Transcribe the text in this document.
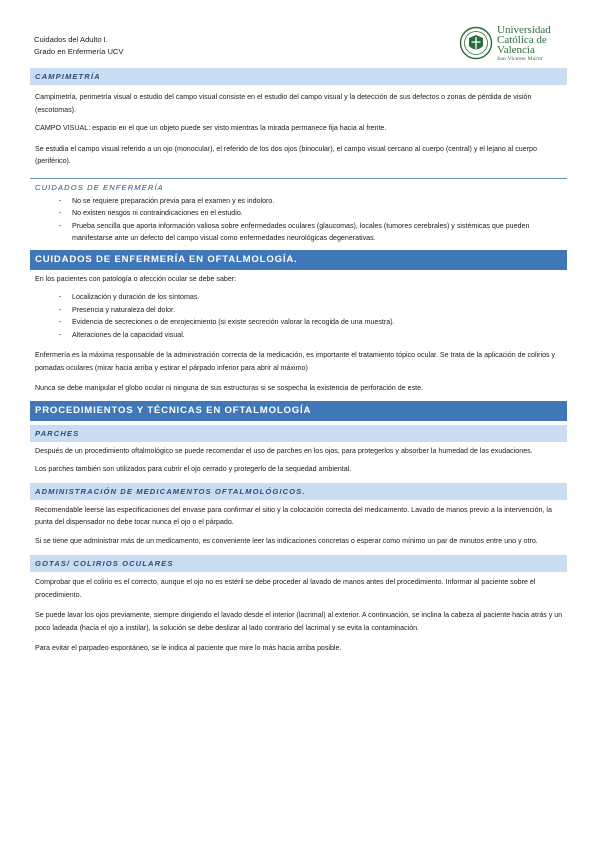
Cuidados del Adulto I.
Grado en Enfermería UCV
Universidad
Católica de
Valencia
San Vicente Mártir
CAMPIMETRÍA

Campimetría, perimetría visual o estudio del campo visual consiste en el estudio del campo visual y la detección de sus defectos o zonas de pérdida de visión (escotomas).

CAMPO VISUAL: espacio en el que un objeto puede ser visto mientras la mirada permanece fija hacia al frente.

Se estudia el campo visual referido a un ojo (monocular), el referido de los dos ojos (binocular), el campo visual cercano al cuerpo (central) y el lejano al cuerpo (periférico).

CUIDADOS DE ENFERMERÍA
- No se requiere preparación previa para el examen y es indoloro.
- No existen riesgos ni contraindicaciones en el estudio.
- Prueba sencilla que aporta información valiosa sobre enfermedades oculares (glaucomas), locales (tumores cerebrales) y sistémicas que pueden manifestarse ante un defecto del campo visual como enfermedades neurológicas degenerativas.
CUIDADOS DE ENFERMERÍA EN OFTALMOLOGÍA.

En los pacientes con patología o afección ocular se debe saber:

- Localización y duración de los síntomas.
- Presencia y naturaleza del dolor.
- Evidencia de secreciones o de enrojecimiento (si existe secreción valorar la recogida de una muestra).
- Alteraciones de la capacidad visual.

Enfermería es la máxima responsable de la administración correcta de la medicación, es importante el tratamiento tópico ocular. Se trata de la aplicación de colirios y pomadas oculares (mirar hacia arriba y estirar el párpado inferior para abrir al máximo)

Nunca se debe manipular el globo ocular ni ninguna de sus estructuras si se sospecha la existencia de perforación de este.

PROCEDIMIENTOS Y TÉCNICAS EN OFTALMOLOGÍA
PARCHES

Después de un procedimiento oftalmológico se puede recomendar el uso de parches en los ojos, para protegerlos y absorber la humedad de las exudaciones.

Los parches también son utilizados para cubrir el ojo cerrado y protegerlo de la sequedad ambiental.

ADMINISTRACIÓN DE MEDICAMENTOS OFTALMOLÓGICOS.

Recomendable leerse las especificaciones del envase para confirmar el sitio y la colocación correcta del medicamento. Lavado de manos previo a la intervención, la punta del dispensador no debe tocar nunca el ojo o el párpado.

Si se tiene que administrar más de un medicamento, es conveniente leer las indicaciones concretas o esperar como mínimo un par de minutos entre uno y otro.

GOTAS/ COLIRIOS OCULARES

Comprobar que el colirio es el correcto, aunque el ojo no es estéril se debe proceder al lavado de manos antes del procedimiento. Informar al paciente sobre el procedimiento.

Se puede lavar los ojos previamente, siempre dirigiendo el lavado desde el interior (lacrimal) al exterior. A continuación, se inclina la cabeza al paciente hacia atrás y un poco ladeada (hacia el ojo a instilar), la solución se debe deslizar al lado contrario del lacrimal y se evita la contaminación.

Para evitar el parpadeo espontáneo, se le indica al paciente que mire lo más hacia arriba posible.
